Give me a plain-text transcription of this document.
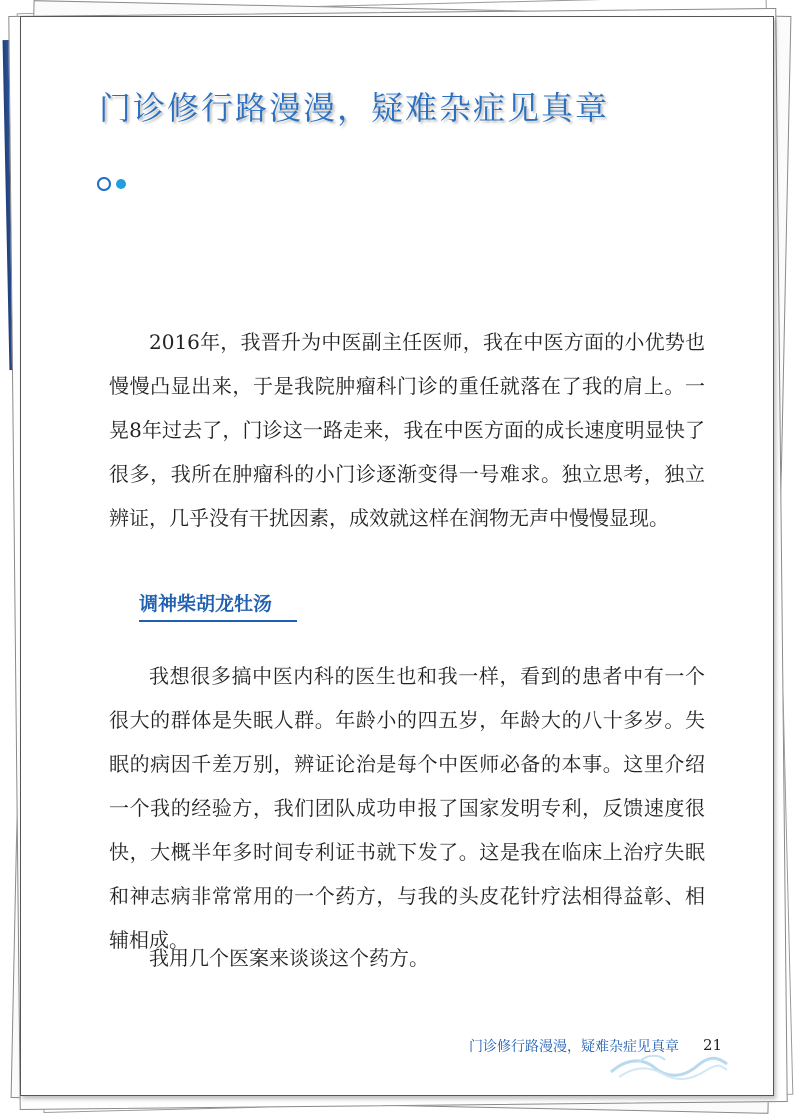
门诊修行路漫漫，疑难杂症见真章

2016年，我晋升为中医副主任医师，我在中医方面的小优势也慢慢凸显出来，于是我院肿瘤科门诊的重任就落在了我的肩上。一晃8年过去了，门诊这一路走来，我在中医方面的成长速度明显快了很多，我所在肿瘤科的小门诊逐渐变得一号难求。独立思考，独立辨证，几乎没有干扰因素，成效就这样在润物无声中慢慢显现。

调神柴胡龙牡汤

我想很多搞中医内科的医生也和我一样，看到的患者中有一个很大的群体是失眠人群。年龄小的四五岁，年龄大的八十多岁。失眠的病因千差万别，辨证论治是每个中医师必备的本事。这里介绍一个我的经验方，我们团队成功申报了国家发明专利，反馈速度很快，大概半年多时间专利证书就下发了。这是我在临床上治疗失眠和神志病非常常用的一个药方，与我的头皮花针疗法相得益彰、相辅相成。

我用几个医案来谈谈这个药方。

门诊修行路漫漫，疑难杂症见真章 21
